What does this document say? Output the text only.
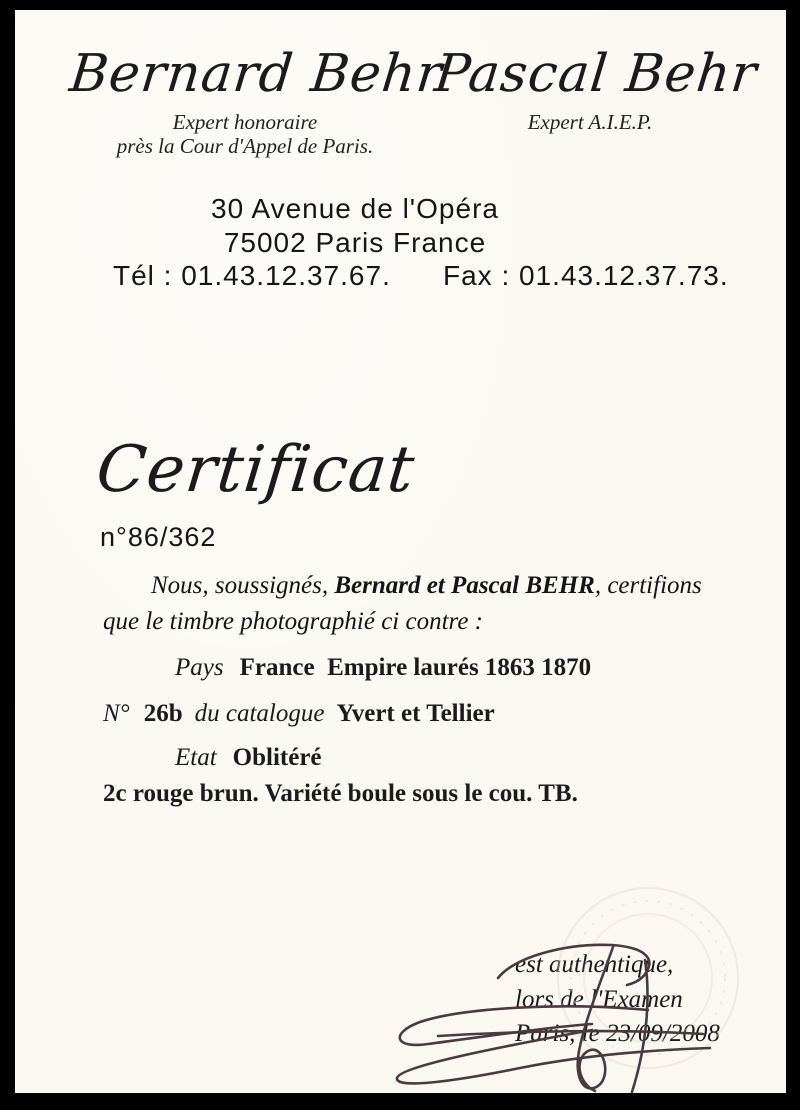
Bernard Behr
Expert honoraire
près la Cour d'Appel de Paris.
Pascal Behr
Expert A.I.E.P.
30 Avenue de l'Opéra
75002 Paris France
Tél : 01.43.12.37.67. Fax : 01.43.12.37.73.
Certificat
n°86/362
Nous, soussignés, Bernard et Pascal BEHR, certifions
que le timbre photographié ci contre :
Pays France  Empire laurés 1863 1870
N° 26b du catalogue Yvert et Tellier
Etat Oblitéré
2c rouge brun. Variété boule sous le cou. TB.
est authentique,
lors de l'Examen
Paris, le 23/09/2008
